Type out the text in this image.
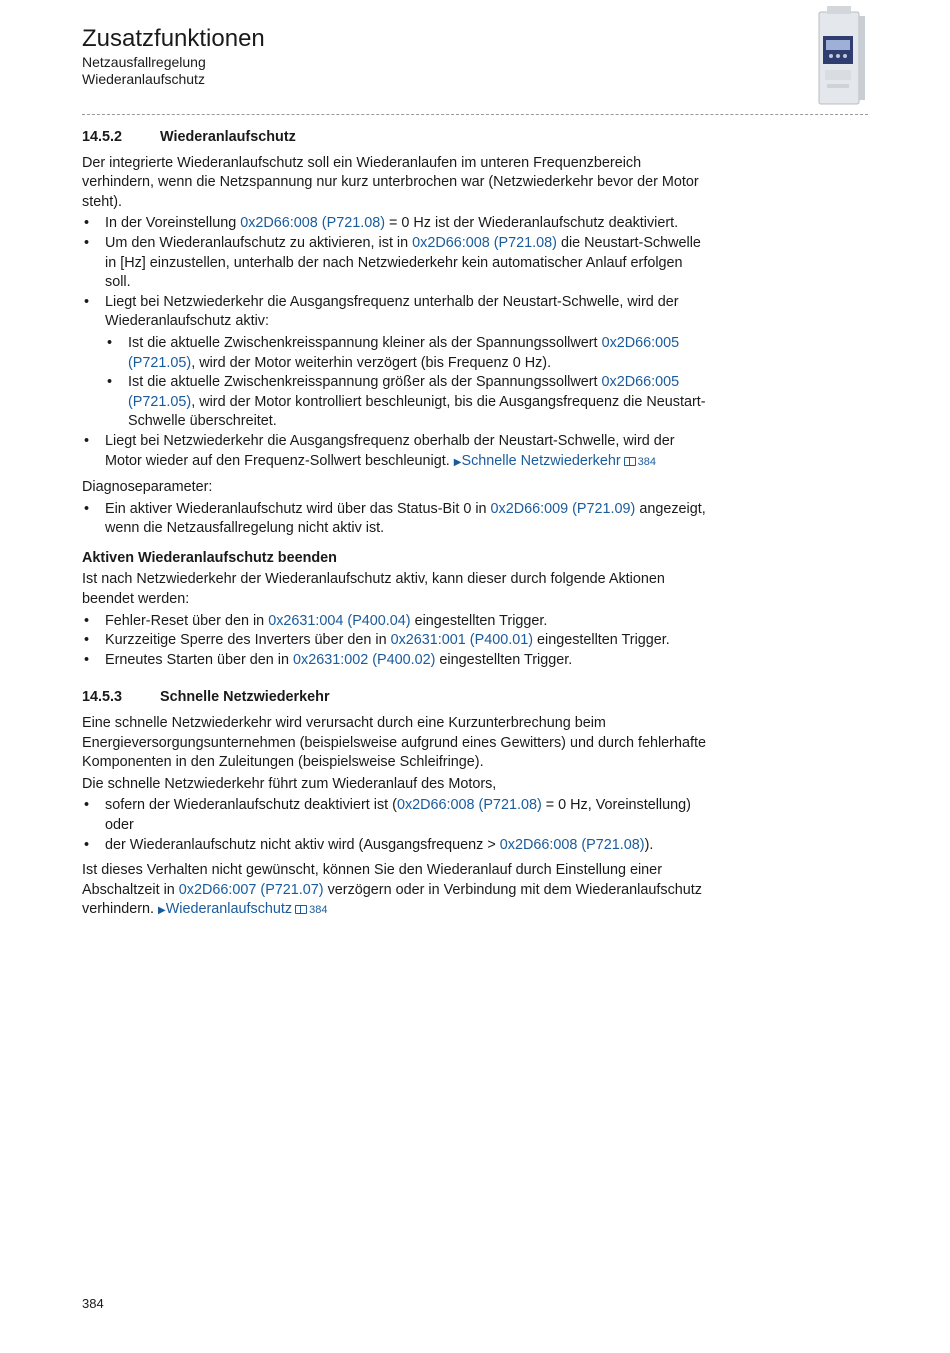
Zusatzfunktionen
Netzausfallregelung
Wiederanlaufschutz
14.5.2	Wiederanlaufschutz

Der integrierte Wiederanlaufschutz soll ein Wiederanlaufen im unteren Frequenzbereich verhindern, wenn die Netzspannung nur kurz unterbrochen war (Netzwiederkehr bevor der Motor steht).

• In der Voreinstellung 0x2D66:008 (P721.08) = 0 Hz ist der Wiederanlaufschutz deaktiviert.
• Um den Wiederanlaufschutz zu aktivieren, ist in 0x2D66:008 (P721.08) die Neustart-Schwelle in [Hz] einzustellen, unterhalb der nach Netzwiederkehr kein automatischer Anlauf erfolgen soll.
• Liegt bei Netzwiederkehr die Ausgangsfrequenz unterhalb der Neustart-Schwelle, wird der Wiederanlaufschutz aktiv:
• Ist die aktuelle Zwischenkreisspannung kleiner als der Spannungssollwert 0x2D66:005 (P721.05), wird der Motor weiterhin verzögert (bis Frequenz 0 Hz).
• Ist die aktuelle Zwischenkreisspannung größer als der Spannungssollwert 0x2D66:005 (P721.05), wird der Motor kontrolliert beschleunigt, bis die Ausgangsfrequenz die Neustart-Schwelle überschreitet.
• Liegt bei Netzwiederkehr die Ausgangsfrequenz oberhalb der Neustart-Schwelle, wird der Motor wieder auf den Frequenz-Sollwert beschleunigt. ▶Schnelle Netzwiederkehr 384

Diagnoseparameter:

• Ein aktiver Wiederanlaufschutz wird über das Status-Bit 0 in 0x2D66:009 (P721.09) angezeigt, wenn die Netzausfallregelung nicht aktiv ist.
Aktiven Wiederanlaufschutz beenden

Ist nach Netzwiederkehr der Wiederanlaufschutz aktiv, kann dieser durch folgende Aktionen beendet werden:

• Fehler-Reset über den in 0x2631:004 (P400.04) eingestellten Trigger.
• Kurzzeitige Sperre des Inverters über den in 0x2631:001 (P400.01) eingestellten Trigger.
• Erneutes Starten über den in 0x2631:002 (P400.02) eingestellten Trigger.
14.5.3	Schnelle Netzwiederkehr

Eine schnelle Netzwiederkehr wird verursacht durch eine Kurzunterbrechung beim Energieversorgungsunternehmen (beispielsweise aufgrund eines Gewitters) und durch fehlerhafte Komponenten in den Zuleitungen (beispielsweise Schleifringe).

Die schnelle Netzwiederkehr führt zum Wiederanlauf des Motors,

• sofern der Wiederanlaufschutz deaktiviert ist (0x2D66:008 (P721.08) = 0 Hz, Voreinstellung) oder
• der Wiederanlaufschutz nicht aktiv wird (Ausgangsfrequenz > 0x2D66:008 (P721.08)).

Ist dieses Verhalten nicht gewünscht, können Sie den Wiederanlauf durch Einstellung einer Abschaltzeit in 0x2D66:007 (P721.07) verzögern oder in Verbindung mit dem Wiederanlaufschutz verhindern. ▶Wiederanlaufschutz 384

384
